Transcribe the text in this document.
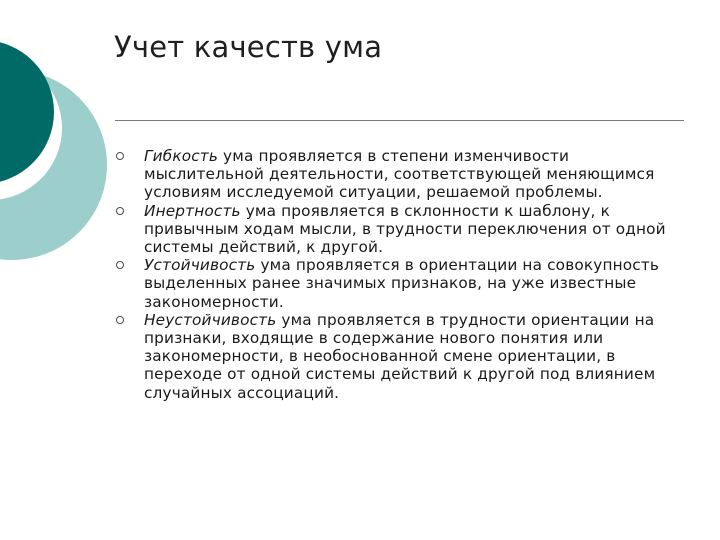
Учет качеств ума
Гибкость ума проявляется в степени изменчивости мыслительной деятельности, соответствующей меняющимся условиям исследуемой ситуации, решаемой проблемы.
Инертность ума проявляется в склонности к шаблону, к привычным ходам мысли, в трудности переключения от одной системы действий, к другой.
Устойчивость ума проявляется в ориентации на совокупность выделенных ранее значимых признаков, на уже известные закономерности.
Неустойчивость ума проявляется в трудности ориентации на признаки, входящие в содержание нового понятия или закономерности, в необоснованной смене ориентации, в переходе от одной системы действий к другой под влиянием случайных ассоциаций.
